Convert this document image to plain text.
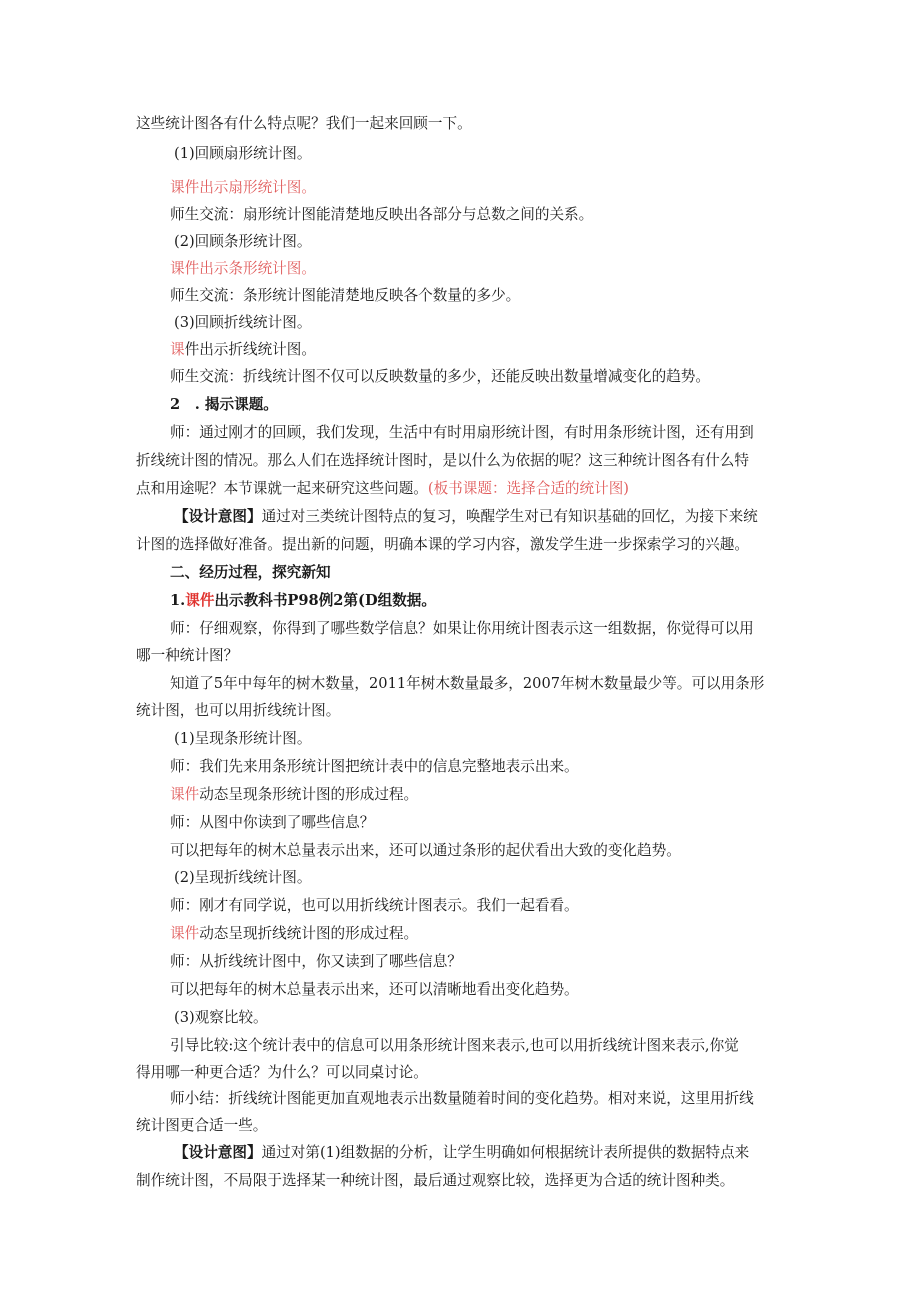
这些统计图各有什么特点呢？我们一起来回顾一下。
(1)回顾扇形统计图。
课件出示扇形统计图。
师生交流：扇形统计图能清楚地反映出各部分与总数之间的关系。
(2)回顾条形统计图。
课件出示条形统计图。
师生交流：条形统计图能清楚地反映各个数量的多少。
(3)回顾折线统计图。
课件出示折线统计图。
师生交流：折线统计图不仅可以反映数量的多少，还能反映出数量增减变化的趋势。
2　. 揭示课题。
师：通过刚才的回顾，我们发现，生活中有时用扇形统计图，有时用条形统计图，还有用到
折线统计图的情况。那么人们在选择统计图时，是以什么为依据的呢？这三种统计图各有什么特
点和用途呢？本节课就一起来研究这些问题。(板书课题：选择合适的统计图)
【设计意图】通过对三类统计图特点的复习，唤醒学生对已有知识基础的回忆，为接下来统
计图的选择做好准备。提出新的问题，明确本课的学习内容，激发学生进一步探索学习的兴趣。
二、经历过程，探究新知
1.课件出示教科书P98例2第(D组数据。
师：仔细观察，你得到了哪些数学信息？如果让你用统计图表示这一组数据，你觉得可以用
哪一种统计图？
知道了5年中每年的树木数量，2011年树木数量最多，2007年树木数量最少等。可以用条形
统计图，也可以用折线统计图。
(1)呈现条形统计图。
师：我们先来用条形统计图把统计表中的信息完整地表示出来。
课件动态呈现条形统计图的形成过程。
师：从图中你读到了哪些信息？
可以把每年的树木总量表示出来，还可以通过条形的起伏看出大致的变化趋势。
(2)呈现折线统计图。
师：刚才有同学说，也可以用折线统计图表示。我们一起看看。
课件动态呈现折线统计图的形成过程。
师：从折线统计图中，你又读到了哪些信息？
可以把每年的树木总量表示出来，还可以清晰地看出变化趋势。
(3)观察比较。
引导比较:这个统计表中的信息可以用条形统计图来表示,也可以用折线统计图来表示,你觉
得用哪一种更合适？为什么？可以同桌讨论。
师小结：折线统计图能更加直观地表示出数量随着时间的变化趋势。相对来说，这里用折线
统计图更合适一些。
【设计意图】通过对第(1)组数据的分析，让学生明确如何根据统计表所提供的数据特点来
制作统计图，不局限于选择某一种统计图，最后通过观察比较，选择更为合适的统计图种类。
